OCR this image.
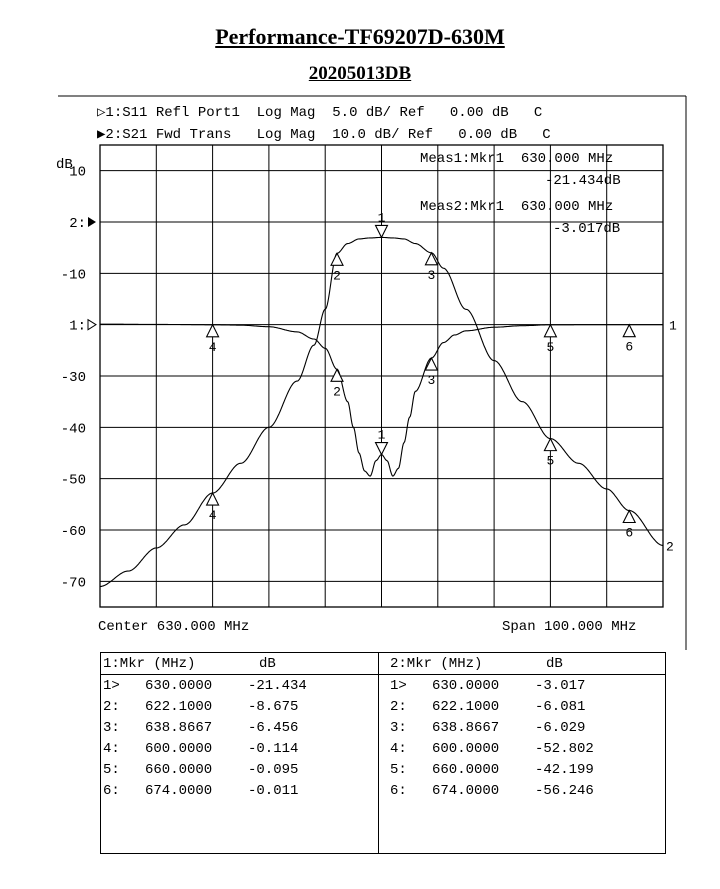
Performance-TF69207D-630M
20205013DB
▷1:S11 Refl Port1  Log Mag  5.0 dB/ Ref   0.00 dB   C
▶2:S21 Fwd Trans   Log Mag  10.0 dB/ Ref   0.00 dB   C
dB
10
2:
-10
1:
-30
-40
-50
-60
-70
Meas1:Mkr1  630.000 MHz
-21.434dB
Meas2:Mkr1  630.000 MHz
-3.017dB
1
2
1
2
3
4	5	6
1
2	3
4
5
6
Center 630.000 MHz	Span 100.000 MHz
1:Mkr (MHz)	dB	2:Mkr (MHz)	dB
1> 630.0000	-21.434
2: 622.1000	-8.675
3: 638.8667	-6.456
4: 600.0000	-0.114
5: 660.0000	-0.095
6: 674.0000	-0.011
1> 630.0000	-3.017
2: 622.1000	-6.081
3: 638.8667	-6.029
4: 600.0000	-52.802
5: 660.0000	-42.199
6: 674.0000	-56.246
